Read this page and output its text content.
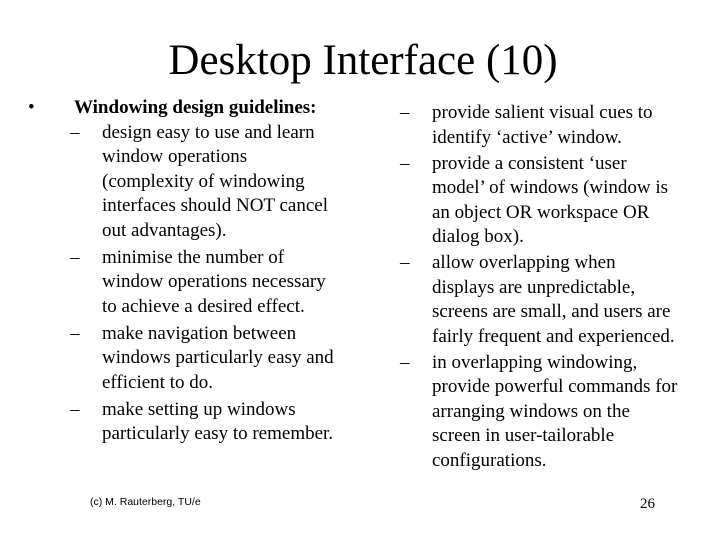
Desktop Interface (10)
• Windowing design guidelines:
– design easy to use and learn
window operations
(complexity of windowing
interfaces should NOT cancel
out advantages).
– minimise the number of
window operations necessary
to achieve a desired effect.
– make navigation between
windows particularly easy and
efficient to do.
– make setting up windows
particularly easy to remember.
– provide salient visual cues to
identify ‘active’ window.
– provide a consistent ‘user
model’ of windows (window is
an object OR workspace OR
dialog box).
– allow overlapping when
displays are unpredictable,
screens are small, and users are
fairly frequent and experienced.
– in overlapping windowing,
provide powerful commands for
arranging windows on the
screen in user-tailorable
configurations.
(c) M. Rauterberg, TU/e	26
